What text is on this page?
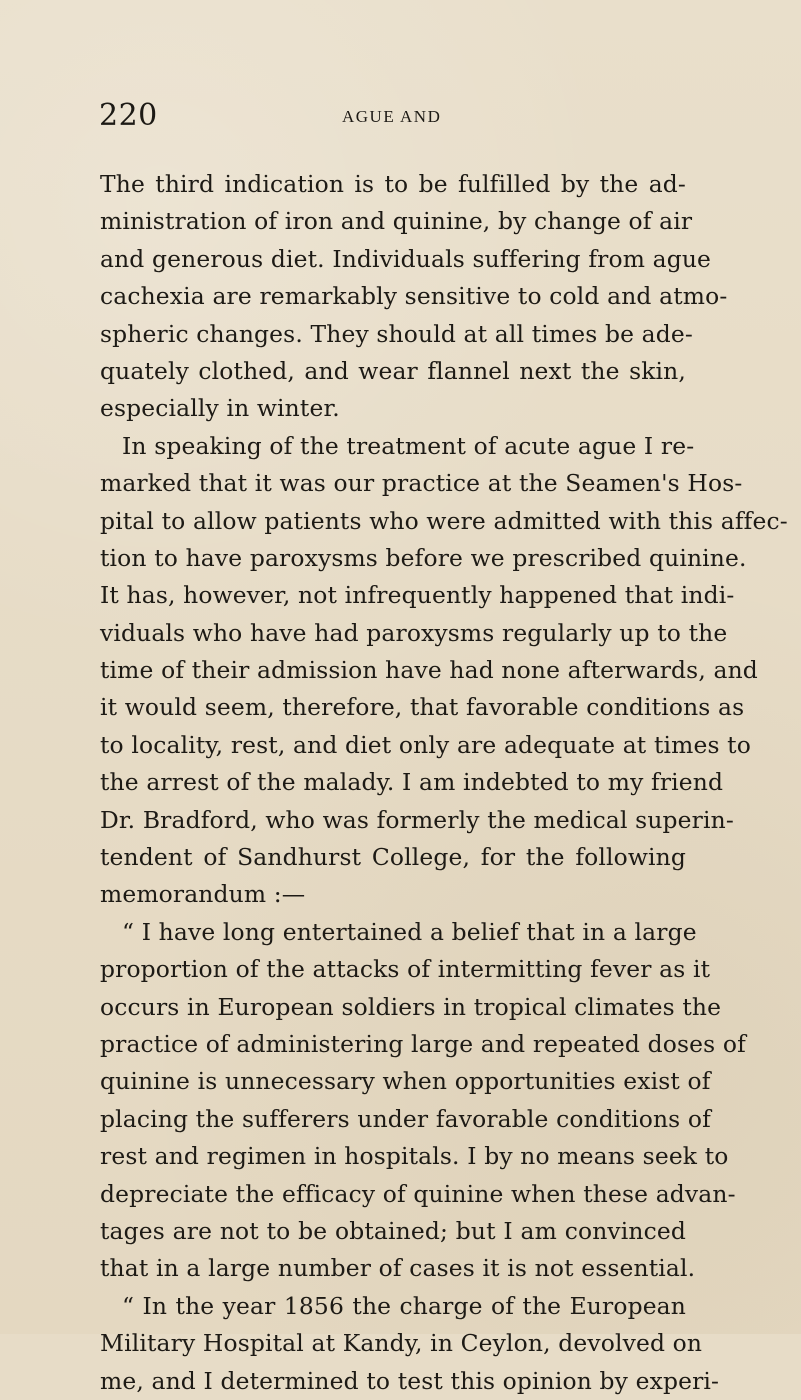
220	AGUE AND
The third indication is to be fulfilled by the ad-
ministration of iron and quinine, by change of air
and generous diet. Individuals suffering from ague
cachexia are remarkably sensitive to cold and atmo-
spheric changes. They should at all times be ade-
quately clothed, and wear flannel next the skin,
especially in winter.
In speaking of the treatment of acute ague I re-
marked that it was our practice at the Seamen's Hos-
pital to allow patients who were admitted with this affec-
tion to have paroxysms before we prescribed quinine.
It has, however, not infrequently happened that indi-
viduals who have had paroxysms regularly up to the
time of their admission have had none afterwards, and
it would seem, therefore, that favorable conditions as
to locality, rest, and diet only are adequate at times to
the arrest of the malady. I am indebted to my friend
Dr. Bradford, who was formerly the medical superin-
tendent of Sandhurst College, for the following
memorandum :—
“ I have long entertained a belief that in a large
proportion of the attacks of intermitting fever as it
occurs in European soldiers in tropical climates the
practice of administering large and repeated doses of
quinine is unnecessary when opportunities exist of
placing the sufferers under favorable conditions of
rest and regimen in hospitals. I by no means seek to
depreciate the efficacy of quinine when these advan-
tages are not to be obtained; but I am convinced
that in a large number of cases it is not essential.
“ In the year 1856 the charge of the European
Military Hospital at Kandy, in Ceylon, devolved on
me, and I determined to test this opinion by experi-
